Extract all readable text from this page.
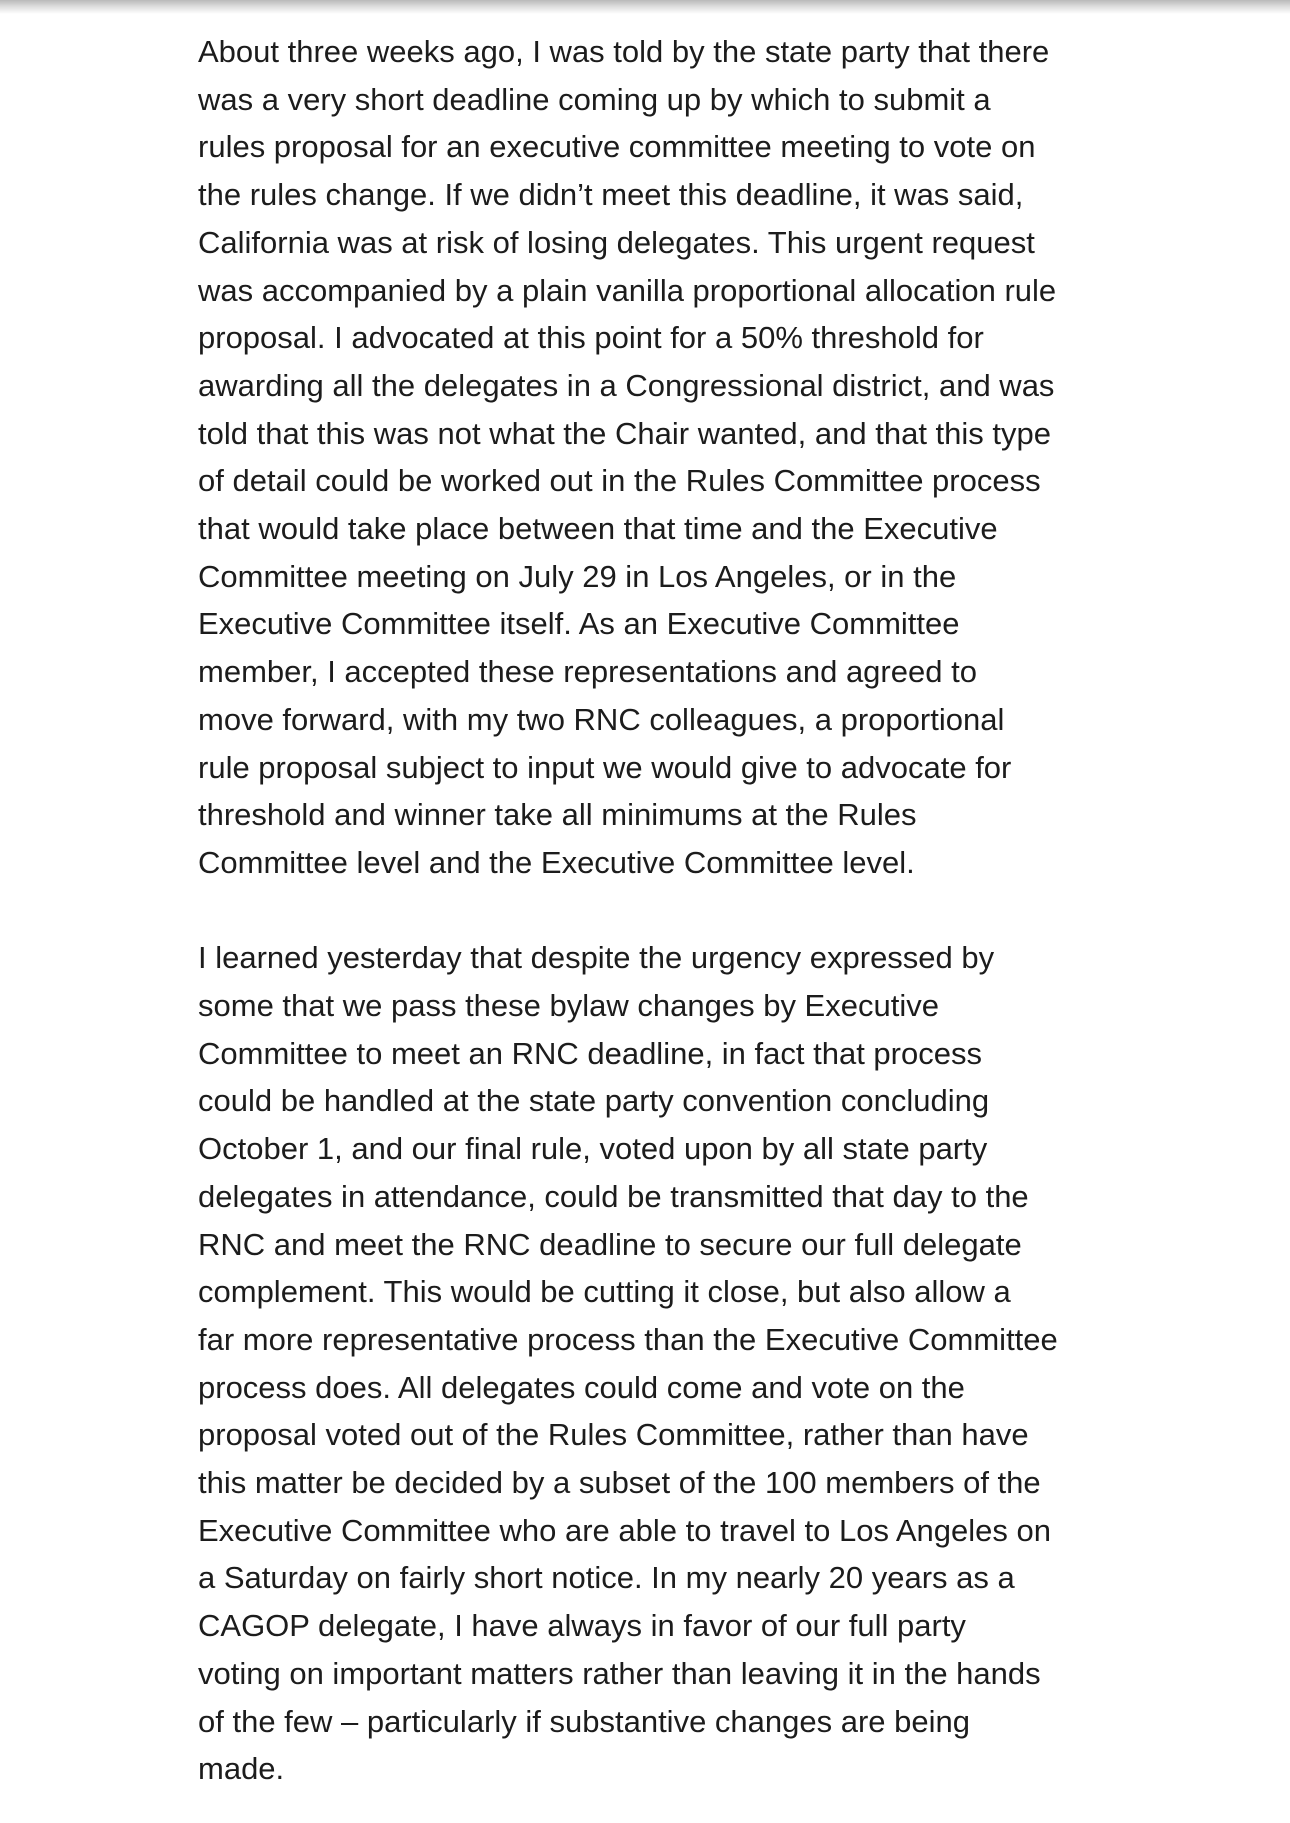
About three weeks ago, I was told by the state party that there
was a very short deadline coming up by which to submit a
rules proposal for an executive committee meeting to vote on
the rules change. If we didn’t meet this deadline, it was said,
California was at risk of losing delegates. This urgent request
was accompanied by a plain vanilla proportional allocation rule
proposal. I advocated at this point for a 50% threshold for
awarding all the delegates in a Congressional district, and was
told that this was not what the Chair wanted, and that this type
of detail could be worked out in the Rules Committee process
that would take place between that time and the Executive
Committee meeting on July 29 in Los Angeles, or in the
Executive Committee itself. As an Executive Committee
member, I accepted these representations and agreed to
move forward, with my two RNC colleagues, a proportional
rule proposal subject to input we would give to advocate for
threshold and winner take all minimums at the Rules
Committee level and the Executive Committee level.

I learned yesterday that despite the urgency expressed by
some that we pass these bylaw changes by Executive
Committee to meet an RNC deadline, in fact that process
could be handled at the state party convention concluding
October 1, and our final rule, voted upon by all state party
delegates in attendance, could be transmitted that day to the
RNC and meet the RNC deadline to secure our full delegate
complement. This would be cutting it close, but also allow a
far more representative process than the Executive Committee
process does. All delegates could come and vote on the
proposal voted out of the Rules Committee, rather than have
this matter be decided by a subset of the 100 members of the
Executive Committee who are able to travel to Los Angeles on
a Saturday on fairly short notice. In my nearly 20 years as a
CAGOP delegate, I have always in favor of our full party
voting on important matters rather than leaving it in the hands
of the few – particularly if substantive changes are being
made.
